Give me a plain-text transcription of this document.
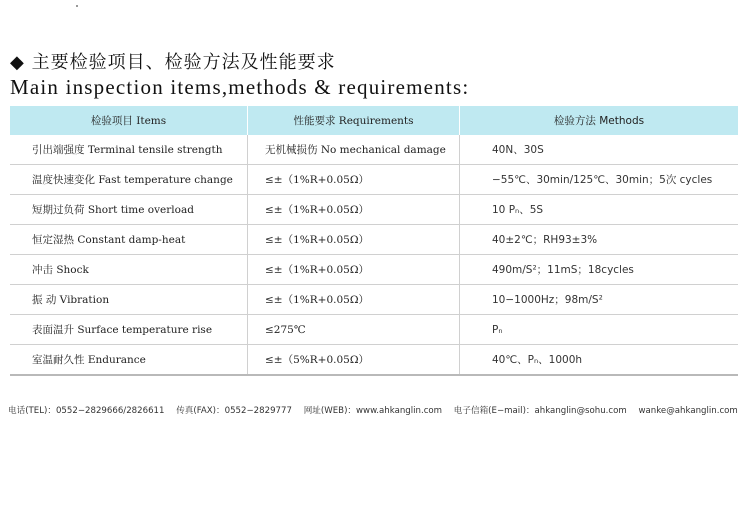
◆ 主要检验项目、检验方法及性能要求
Main inspection items,methods & requirements:
检验项目 Items	性能要求 Requirements	检验方法 Methods
引出端强度 Terminal tensile strength	无机械损伤 No mechanical damage	40N、30S
温度快速变化 Fast temperature change	≤±（1%R+0.05Ω）	−55℃、30min/125℃、30min；5次 cycles
短期过负荷 Short time overload	≤±（1%R+0.05Ω）	10 Pₙ、5S
恒定湿热 Constant damp-heat	≤±（1%R+0.05Ω）	40±2℃；RH93±3%
冲击 Shock	≤±（1%R+0.05Ω）	490m/S²；11mS；18cycles
振 动 Vibration	≤±（1%R+0.05Ω）	10−1000Hz；98m/S²
表面温升 Surface temperature rise	≤275℃	Pₙ
室温耐久性 Endurance	≤±（5%R+0.05Ω）	40℃、Pₙ、1000h
电话(TEL)：0552−2829666/2826611 传真(FAX)：0552−2829777 网址(WEB)：www.ahkanglin.com 电子信箱(E−mail)：ahkanglin@sohu.com wanke@ahkanglin.com
